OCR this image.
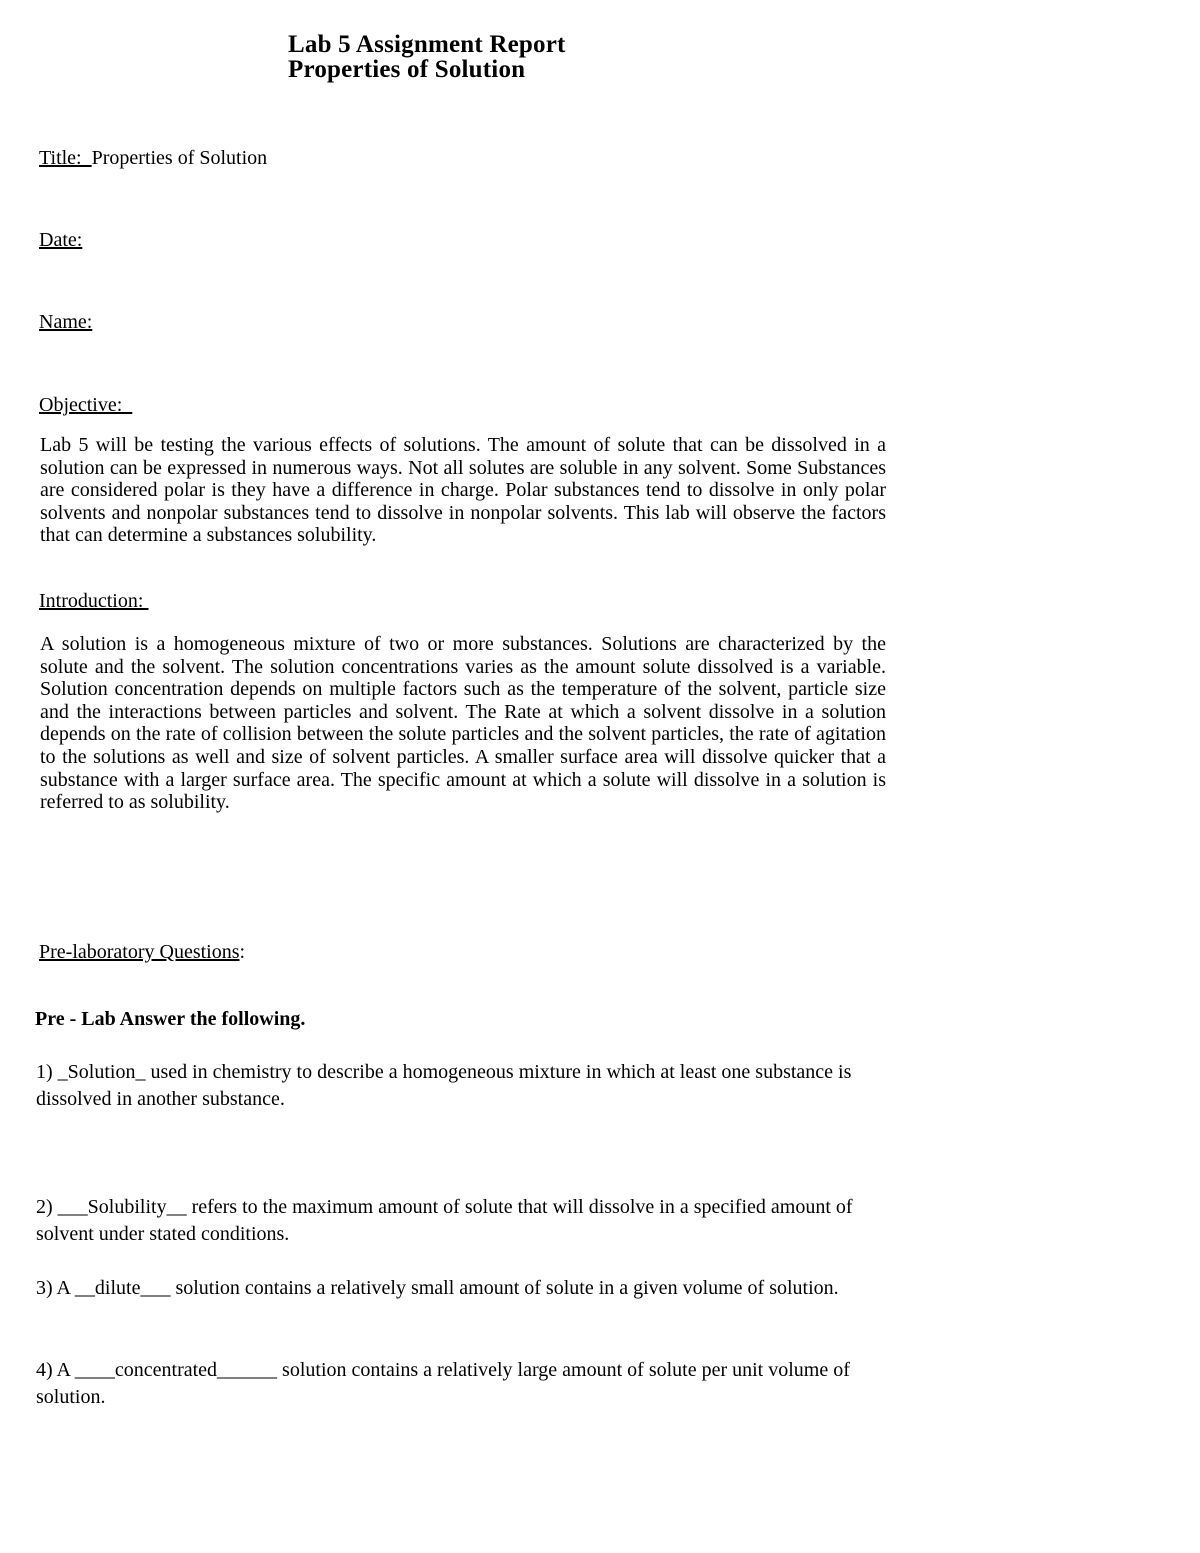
Lab 5 Assignment Report
Properties of Solution
Title:  Properties of Solution
Date:
Name:
Objective:

Lab 5 will be testing the various effects of solutions. The amount of solute that can be dissolved in a solution can be expressed in numerous ways. Not all solutes are soluble in any solvent. Some Substances are considered polar is they have a difference in charge. Polar substances tend to dissolve in only polar solvents and nonpolar substances tend to dissolve in nonpolar solvents. This lab will observe the factors that can determine a substances solubility.

Introduction:

A solution is a homogeneous mixture of two or more substances. Solutions are characterized by the solute and the solvent. The solution concentrations varies as the amount solute dissolved is a variable. Solution concentration depends on multiple factors such as the temperature of the solvent, particle size and the interactions between particles and solvent. The Rate at which a solvent dissolve in a solution depends on the rate of collision between the solute particles and the solvent particles, the rate of agitation to the solutions as well and size of solvent particles. A smaller surface area will dissolve quicker that a substance with a larger surface area. The specific amount at which a solute will dissolve in a solution is referred to as solubility.

Pre-laboratory Questions:
Pre - Lab Answer the following.

1) _Solution_ used in chemistry to describe a homogeneous mixture in which at least one substance is dissolved in another substance.

2) ___Solubility__ refers to the maximum amount of solute that will dissolve in a specified amount of solvent under stated conditions.

3) A __dilute___ solution contains a relatively small amount of solute in a given volume of solution.

4) A ____concentrated______ solution contains a relatively large amount of solute per unit volume of solution.
